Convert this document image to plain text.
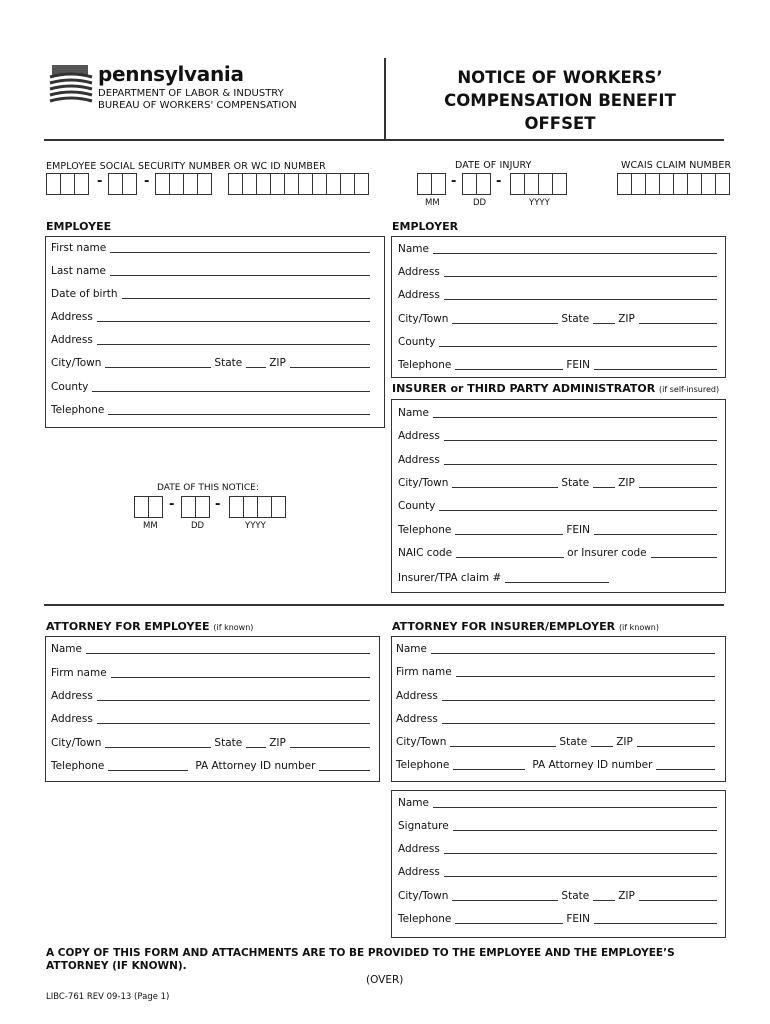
pennsylvania
DEPARTMENT OF LABOR & INDUSTRY
BUREAU OF WORKERS' COMPENSATION
NOTICE OF WORKERS’
COMPENSATION BENEFIT
OFFSET
EMPLOYEE SOCIAL SECURITY NUMBER OR WC ID NUMBER	DATE OF INJURY	WCAIS CLAIM NUMBER
-	-	-	-
MM	DD	YYYY
EMPLOYEE
First name
Last name
Date of birth
Address
Address
City/Town	State	ZIP
County
Telephone
DATE OF THIS NOTICE:
-	-
MM	DD	YYYY
EMPLOYER
Name
Address
Address
City/Town	State	ZIP
County
Telephone	FEIN
INSURER or THIRD PARTY ADMINISTRATOR (if self-insured)
Name
Address
Address
City/Town	State	ZIP
County
Telephone	FEIN
NAIC code	or Insurer code
Insurer/TPA claim #
ATTORNEY FOR EMPLOYEE (if known)
Name
Firm name
Address
Address
City/Town	State	ZIP
Telephone	PA Attorney ID number
ATTORNEY FOR INSURER/EMPLOYER (if known)
Name
Firm name
Address
Address
City/Town	State	ZIP
Telephone	PA Attorney ID number
Name
Signature
Address
Address
City/Town	State	ZIP
Telephone	FEIN
A COPY OF THIS FORM AND ATTACHMENTS ARE TO BE PROVIDED TO THE EMPLOYEE AND THE EMPLOYEE’S ATTORNEY (IF KNOWN).
(OVER)
LIBC-761 REV 09-13 (Page 1)
